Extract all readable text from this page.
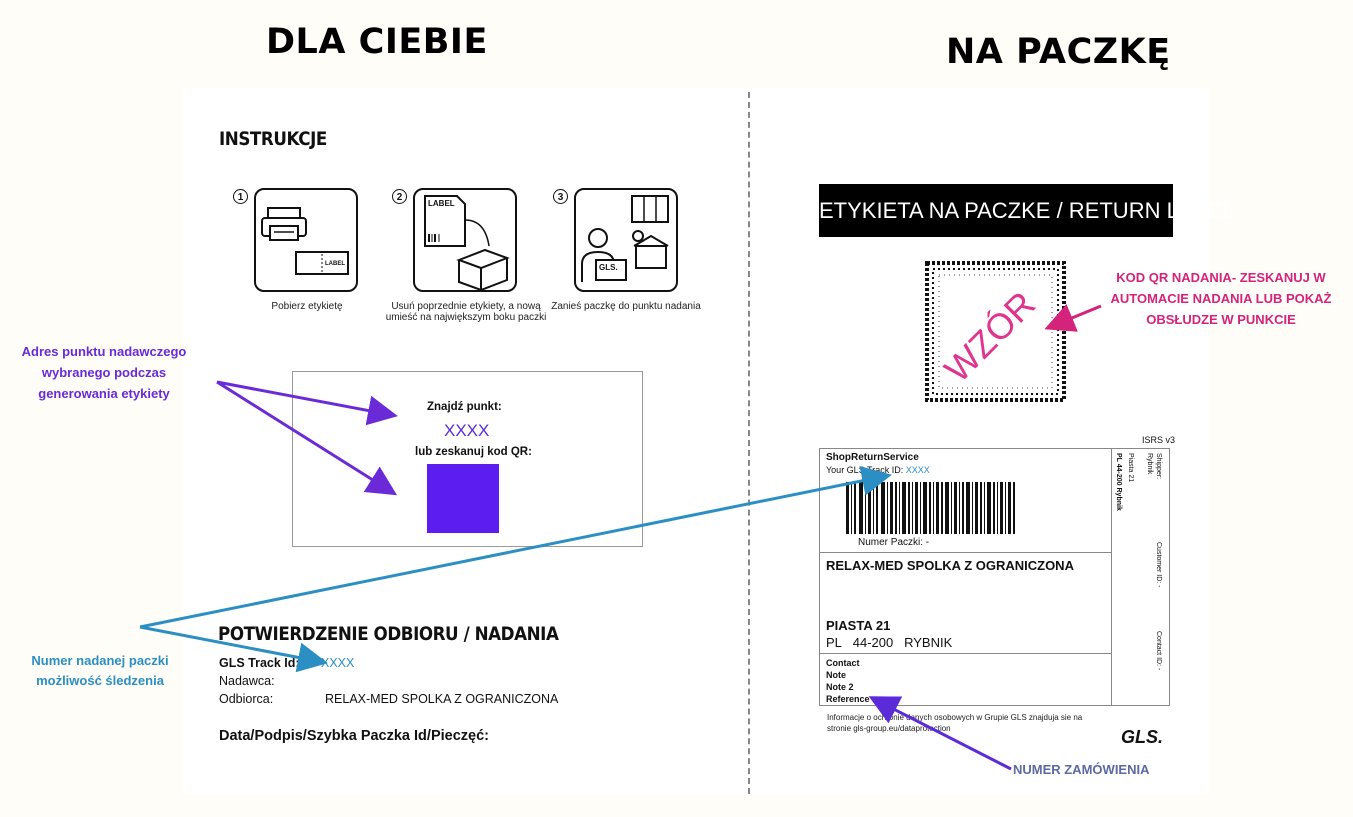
DLA CIEBIE	NA PACZKĘ
INSTRUKCJE
1
LABEL
Pobierz etykietę
2
LABEL
Usuń poprzednie etykiety, a nową umieść na największym boku paczki
3
GLS.
Zanieś paczkę do punktu nadania
Znajdź punkt:
XXXX
lub zeskanuj kod QR:
POTWIERDZENIE ODBIORU / NADANIA
GLS Track Id: XXXX
Nadawca:
Odbiorca:	RELAX-MED SPOLKA Z OGRANICZONA
Data/Podpis/Szybka Paczka Id/Pieczęć:
ETYKIETA NA PACZKE / RETURN LABEL
WZÓR
ISRS v3
ShopReturnService
Your GLS Track ID: XXXX
Numer Paczki: -
RELAX-MED SPOLKA Z OGRANICZONA
PIASTA 21
PL 44-200 RYBNIK
Contact
Note
Note 2
Reference
PL 44-200 Rybnik Piasta 21 Rybnik Shipper:
Customer ID: -
Contact ID: -
Informacje o ochronie danych osobowych w Grupie GLS znajduja sie na stronie gls-group.eu/dataprotection	GLS.
Adres punktu nadawczego wybranego podczas generowania etykiety
Numer nadanej paczki możliwość śledzenia
KOD QR NADANIA- ZESKANUJ W AUTOMACIE NADANIA LUB POKAŻ OBSŁUDZE W PUNKCIE
NUMER ZAMÓWIENIA
